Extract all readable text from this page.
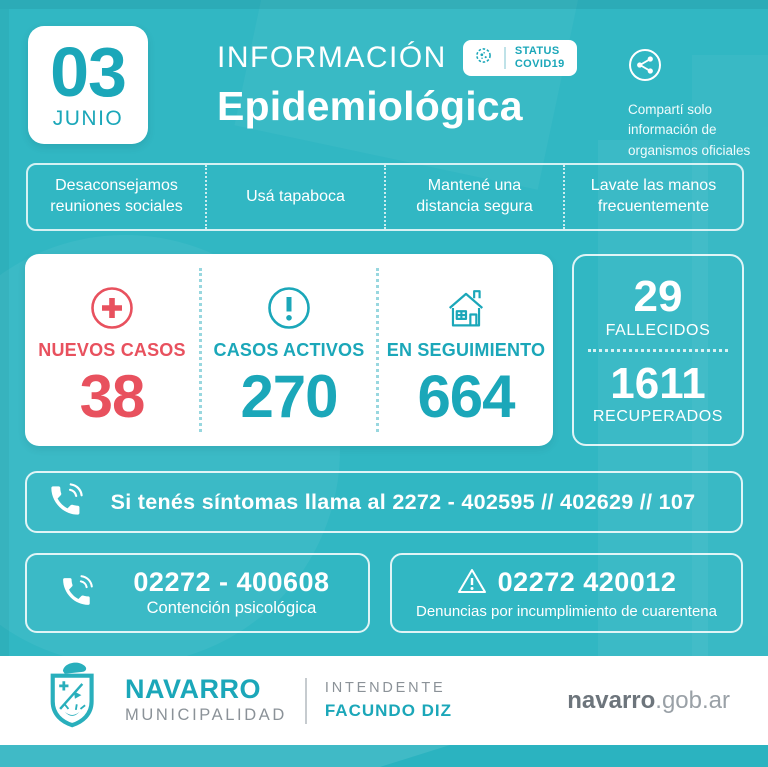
03
JUNIO
INFORMACIÓN	STATUS
COVID19
Epidemiológica	Compartí solo información de organismos oficiales
Desaconsejamos reuniones sociales
Usá tapaboca
Mantené una distancia segura
Lavate las manos frecuentemente
NUEVOS CASOS
38
CASOS ACTIVOS
270
EN SEGUIMIENTO
664
29
FALLECIDOS
1611
RECUPERADOS
Si tenés síntomas llama al 2272 - 402595 // 402629 // 107
02272 - 400608
Contención psicológica
02272 420012
Denuncias por incumplimiento de cuarentena
NAVARRO
MUNICIPALIDAD
INTENDENTE
FACUNDO DIZ	navarro.gob.ar
